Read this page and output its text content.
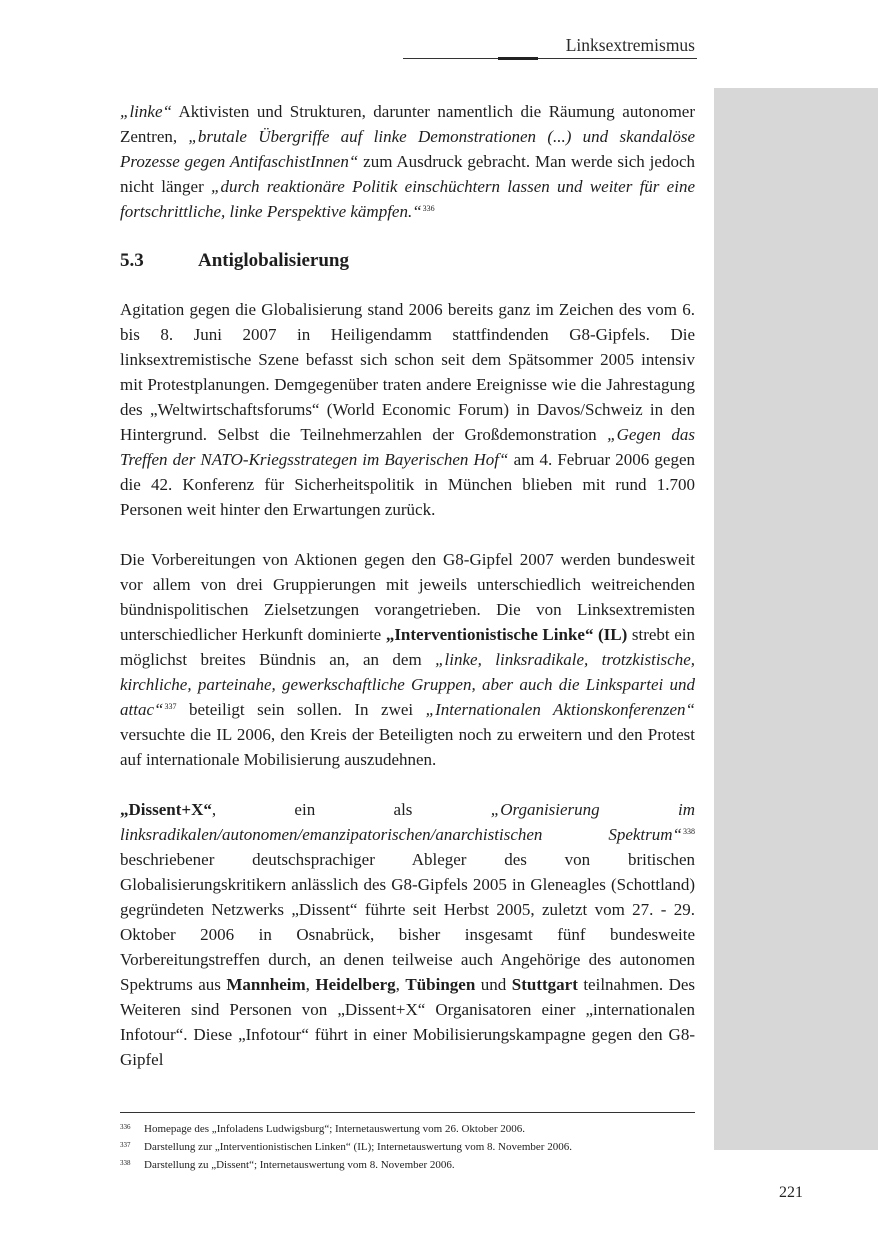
Linksextremismus

„linke“ Aktivisten und Strukturen, darunter namentlich die Räumung autonomer Zentren, „brutale Übergriffe auf linke Demonstrationen (...) und skandalöse Prozesse gegen AntifaschistInnen“ zum Ausdruck gebracht. Man werde sich jedoch nicht länger „durch reaktionäre Politik einschüchtern lassen und weiter für eine fortschrittliche, linke Perspektive kämpfen.“$^{336}$

5.3	Antiglobalisierung

Agitation gegen die Globalisierung stand 2006 bereits ganz im Zeichen des vom 6. bis 8. Juni 2007 in Heiligendamm stattfindenden G8-Gipfels. Die linksextremistische Szene befasst sich schon seit dem Spätsommer 2005 intensiv mit Protestplanungen. Demgegenüber traten andere Ereignisse wie die Jahrestagung des „Weltwirtschaftsforums“ (World Economic Forum) in Davos/Schweiz in den Hintergrund. Selbst die Teilnehmerzahlen der Großdemonstration „Gegen das Treffen der NATO-Kriegsstrategen im Bayerischen Hof“ am 4. Februar 2006 gegen die 42. Konferenz für Sicherheitspolitik in München blieben mit rund 1.700 Personen weit hinter den Erwartungen zurück.

Die Vorbereitungen von Aktionen gegen den G8-Gipfel 2007 werden bundesweit vor allem von drei Gruppierungen mit jeweils unterschiedlich weitreichenden bündnispolitischen Zielsetzungen vorangetrieben. Die von Linksextremisten unterschiedlicher Herkunft dominierte „Interventionistische Linke“ (IL) strebt ein möglichst breites Bündnis an, an dem „linke, linksradikale, trotzkistische, kirchliche, parteinahe, gewerkschaftliche Gruppen, aber auch die Linkspartei und attac“$^{337}$ beteiligt sein sollen. In zwei „Internationalen Aktionskonferenzen“ versuchte die IL 2006, den Kreis der Beteiligten noch zu erweitern und den Protest auf internationale Mobilisierung auszudehnen.

„Dissent+X“, ein als „Organisierung im linksradikalen/autonomen/emanzipatorischen/anarchistischen Spektrum“$^{338}$ beschriebener deutschsprachiger Ableger des von britischen Globalisierungskritikern anlässlich des G8-Gipfels 2005 in Gleneagles (Schottland) gegründeten Netzwerks „Dissent“ führte seit Herbst 2005, zuletzt vom 27. - 29. Oktober 2006 in Osnabrück, bisher insgesamt fünf bundesweite Vorbereitungstreffen durch, an denen teilweise auch Angehörige des autonomen Spektrums aus Mannheim, Heidelberg, Tübingen und Stuttgart teilnahmen. Des Weiteren sind Personen von „Dissent+X“ Organisatoren einer „internationalen Infotour“. Diese „Infotour“ führt in einer Mobilisierungskampagne gegen den G8-Gipfel

336	Homepage des „Infoladens Ludwigsburg“; Internetauswertung vom 26. Oktober 2006.
337	Darstellung zur „Interventionistischen Linken“ (IL); Internetauswertung vom 8. November 2006.
338	Darstellung zu „Dissent“; Internetauswertung vom 8. November 2006.
221
